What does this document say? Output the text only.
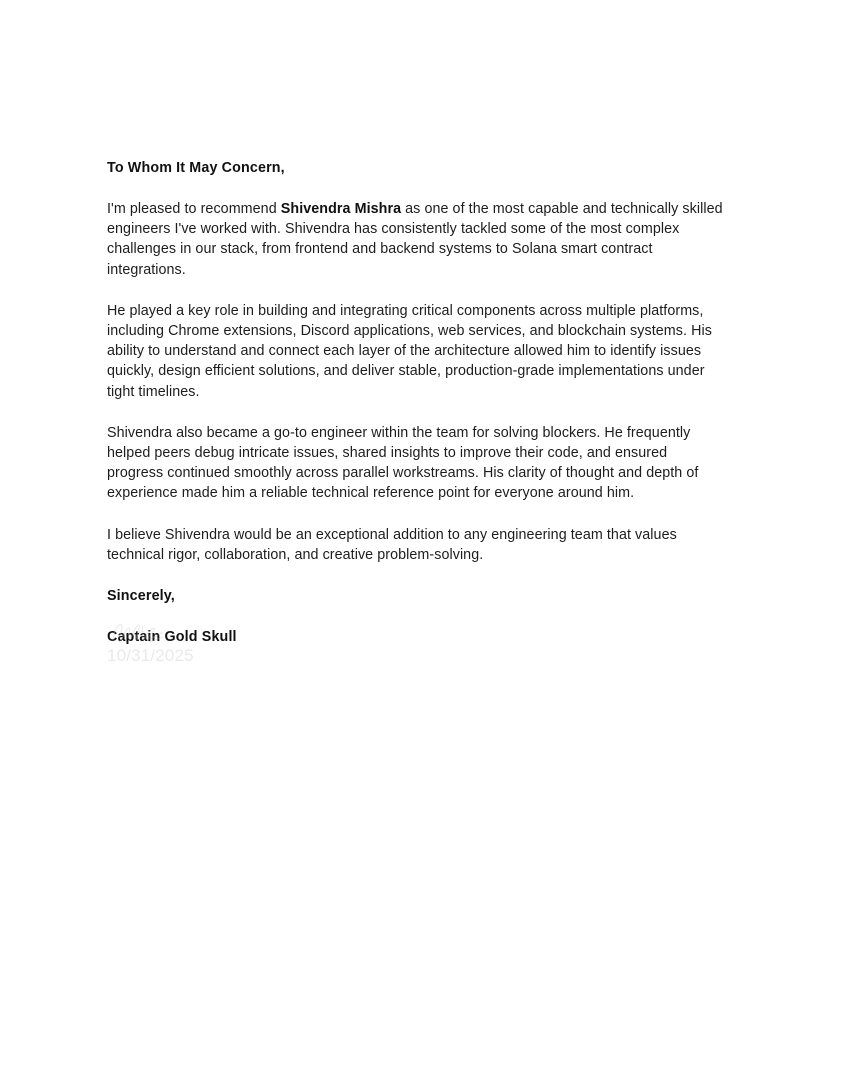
To Whom It May Concern,

I'm pleased to recommend Shivendra Mishra as one of the most capable and technically skilled engineers I've worked with. Shivendra has consistently tackled some of the most complex challenges in our stack, from frontend and backend systems to Solana smart contract integrations.

He played a key role in building and integrating critical components across multiple platforms, including Chrome extensions, Discord applications, web services, and blockchain systems. His ability to understand and connect each layer of the architecture allowed him to identify issues quickly, design efficient solutions, and deliver stable, production-grade implementations under tight timelines.

Shivendra also became a go-to engineer within the team for solving blockers. He frequently helped peers debug intricate issues, shared insights to improve their code, and ensured progress continued smoothly across parallel workstreams. His clarity of thought and depth of experience made him a reliable technical reference point for everyone around him.

I believe Shivendra would be an exceptional addition to any engineering team that values technical rigor, collaboration, and creative problem-solving.

Sincerely,

Captain Gold Skull

10/31/2025
